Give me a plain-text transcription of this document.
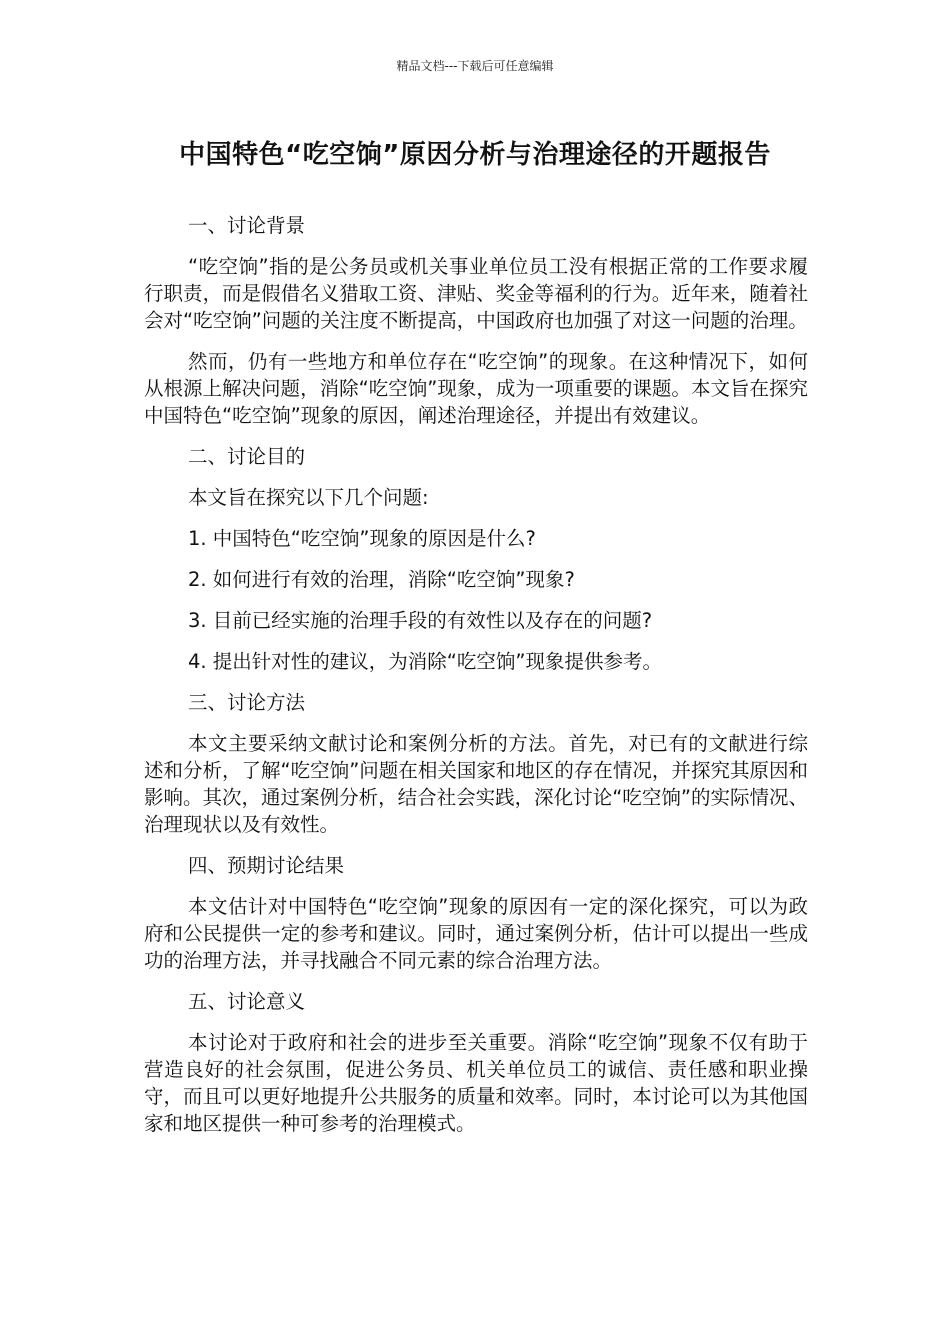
精品文档---下载后可任意编辑
中国特色“吃空饷”原因分析与治理途径的开题报告

一、讨论背景

“吃空饷”指的是公务员或机关事业单位员工没有根据正常的工作要求履行职责，而是假借名义猎取工资、津贴、奖金等福利的行为。近年来，随着社会对“吃空饷”问题的关注度不断提高，中国政府也加强了对这一问题的治理。

然而，仍有一些地方和单位存在“吃空饷”的现象。在这种情况下，如何从根源上解决问题，消除“吃空饷”现象，成为一项重要的课题。本文旨在探究中国特色“吃空饷”现象的原因，阐述治理途径，并提出有效建议。

二、讨论目的

本文旨在探究以下几个问题:

1. 中国特色“吃空饷”现象的原因是什么?

2. 如何进行有效的治理，消除“吃空饷”现象?

3. 目前已经实施的治理手段的有效性以及存在的问题?

4. 提出针对性的建议，为消除“吃空饷”现象提供参考。

三、讨论方法

本文主要采纳文献讨论和案例分析的方法。首先，对已有的文献进行综述和分析，了解“吃空饷”问题在相关国家和地区的存在情况，并探究其原因和影响。其次，通过案例分析，结合社会实践，深化讨论“吃空饷”的实际情况、治理现状以及有效性。

四、预期讨论结果

本文估计对中国特色“吃空饷”现象的原因有一定的深化探究，可以为政府和公民提供一定的参考和建议。同时，通过案例分析，估计可以提出一些成功的治理方法，并寻找融合不同元素的综合治理方法。

五、讨论意义

本讨论对于政府和社会的进步至关重要。消除“吃空饷”现象不仅有助于营造良好的社会氛围，促进公务员、机关单位员工的诚信、责任感和职业操守，而且可以更好地提升公共服务的质量和效率。同时，本讨论可以为其他国家和地区提供一种可参考的治理模式。
